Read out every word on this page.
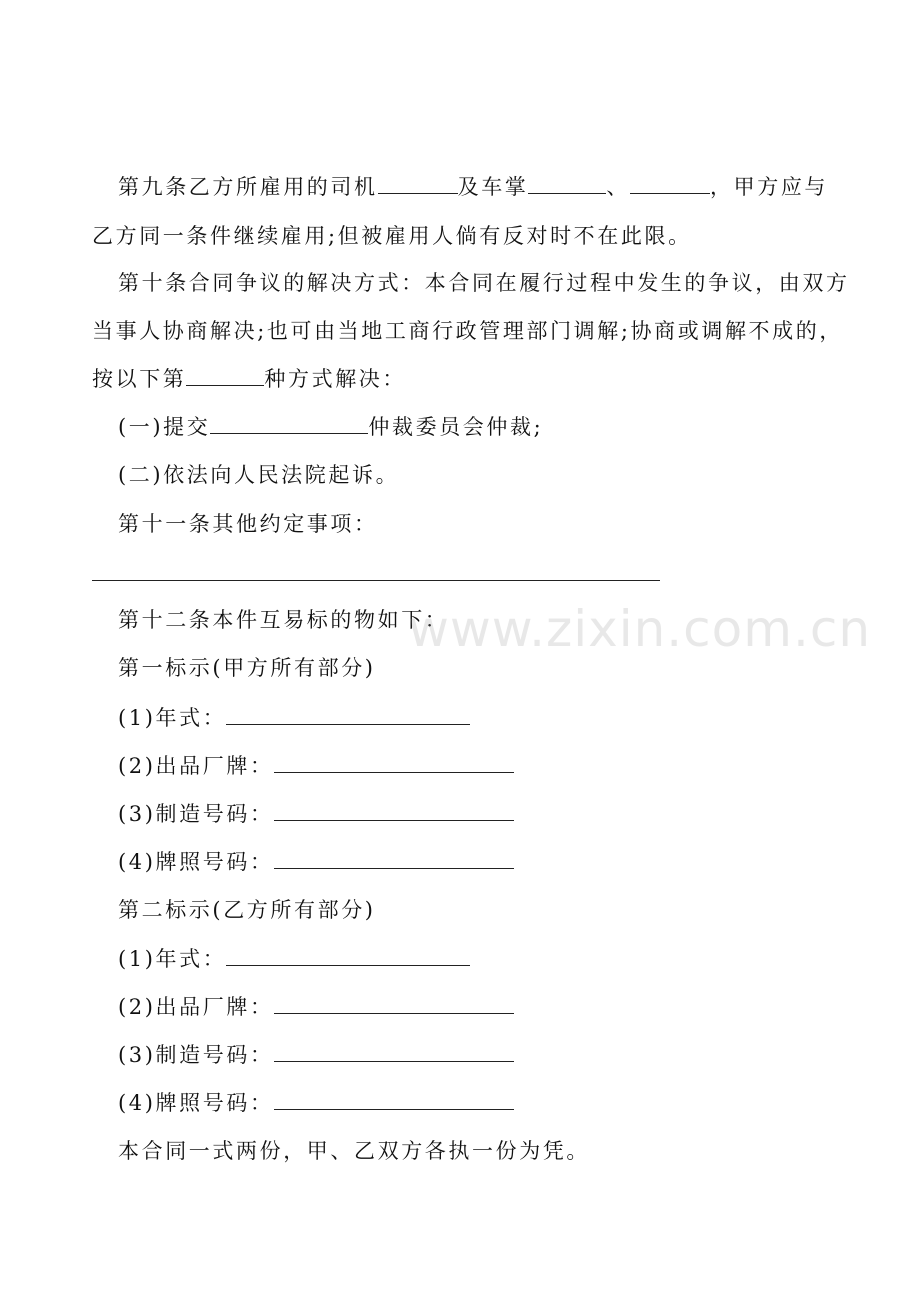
第九条乙方所雇用的司机	及车掌	、	，甲方应与
乙方同一条件继续雇用;但被雇用人倘有反对时不在此限。
第十条合同争议的解决方式：本合同在履行过程中发生的争议，由双方
当事人协商解决;也可由当地工商行政管理部门调解;协商或调解不成的，
按以下第	种方式解决：
(一)提交	仲裁委员会仲裁;
(二)依法向人民法院起诉。
第十一条其他约定事项：
第十二条本件互易标的物如下：
第一标示(甲方所有部分)
(1)年式：
(2)出品厂牌：
(3)制造号码：
(4)牌照号码：
第二标示(乙方所有部分)
(1)年式：
(2)出品厂牌：
(3)制造号码：
(4)牌照号码：
本合同一式两份，甲、乙双方各执一份为凭。
www.zixin.com.cn
